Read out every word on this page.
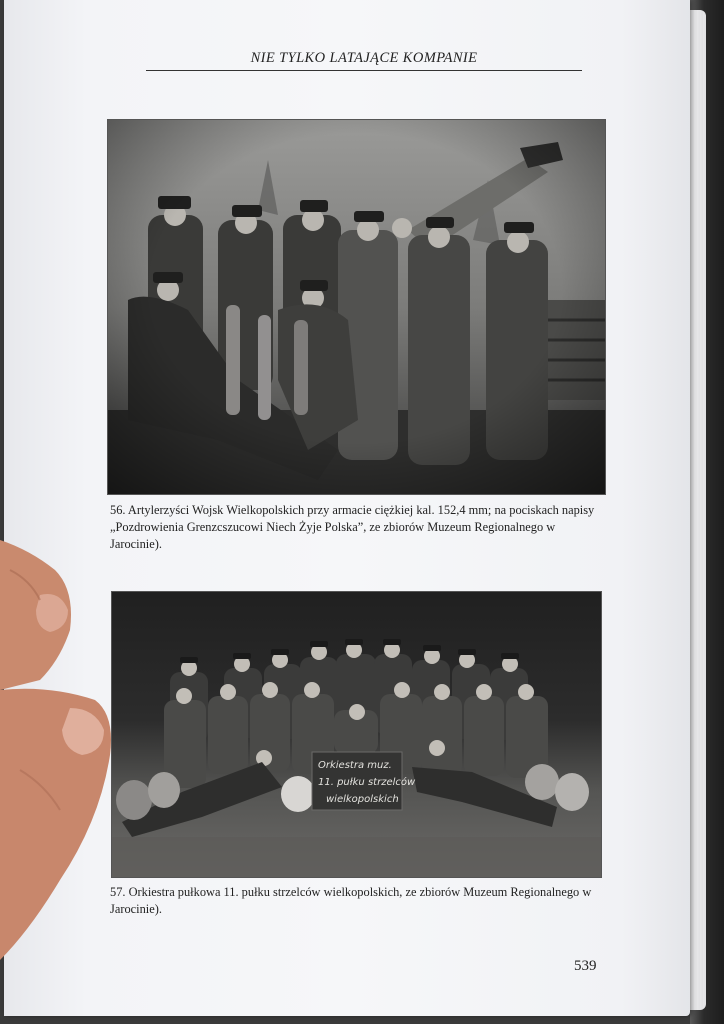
NIE TYLKO LATAJĄCE KOMPANIE
539
56. Artylerzyści Wojsk Wielkopolskich przy armacie ciężkiej kal. 152,4 mm; na pociskach napisy „Pozdrowienia Grenzcszucowi Niech Żyje Polska”, ze zbiorów Muzeum Regionalnego w Jarocinie).
Orkiestra muz.
11. pułku strzelców
wielkopolskich
57. Orkiestra pułkowa 11. pułku strzelców wielkopolskich, ze zbiorów Muzeum Regionalnego w Jarocinie).
